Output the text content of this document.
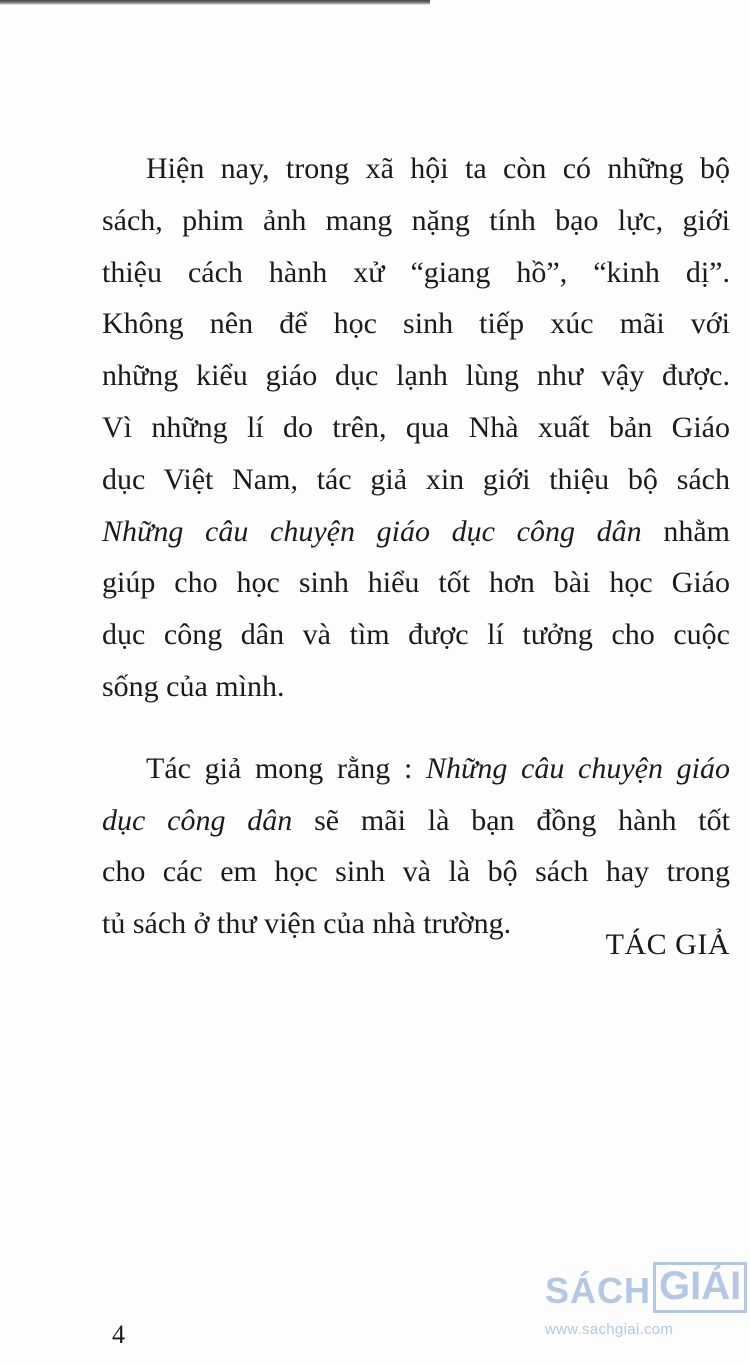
Hiện nay, trong xã hội ta còn có những bộ
sách, phim ảnh mang nặng tính bạo lực, giới
thiệu cách hành xử “giang hồ”, “kinh dị”.
Không nên để học sinh tiếp xúc mãi với
những kiểu giáo dục lạnh lùng như vậy được.
Vì những lí do trên, qua Nhà xuất bản Giáo
dục Việt Nam, tác giả xin giới thiệu bộ sách
Những câu chuyện giáo dục công dân nhằm
giúp cho học sinh hiểu tốt hơn bài học Giáo
dục công dân và tìm được lí tưởng cho cuộc
sống của mình.
Tác giả mong rằng : Những câu chuyện giáo
dục công dân sẽ mãi là bạn đồng hành tốt
cho các em học sinh và là bộ sách hay trong
tủ sách ở thư viện của nhà trường.
TÁC GIẢ
4
SÁCH GIẢI
www.sachgiai.com
